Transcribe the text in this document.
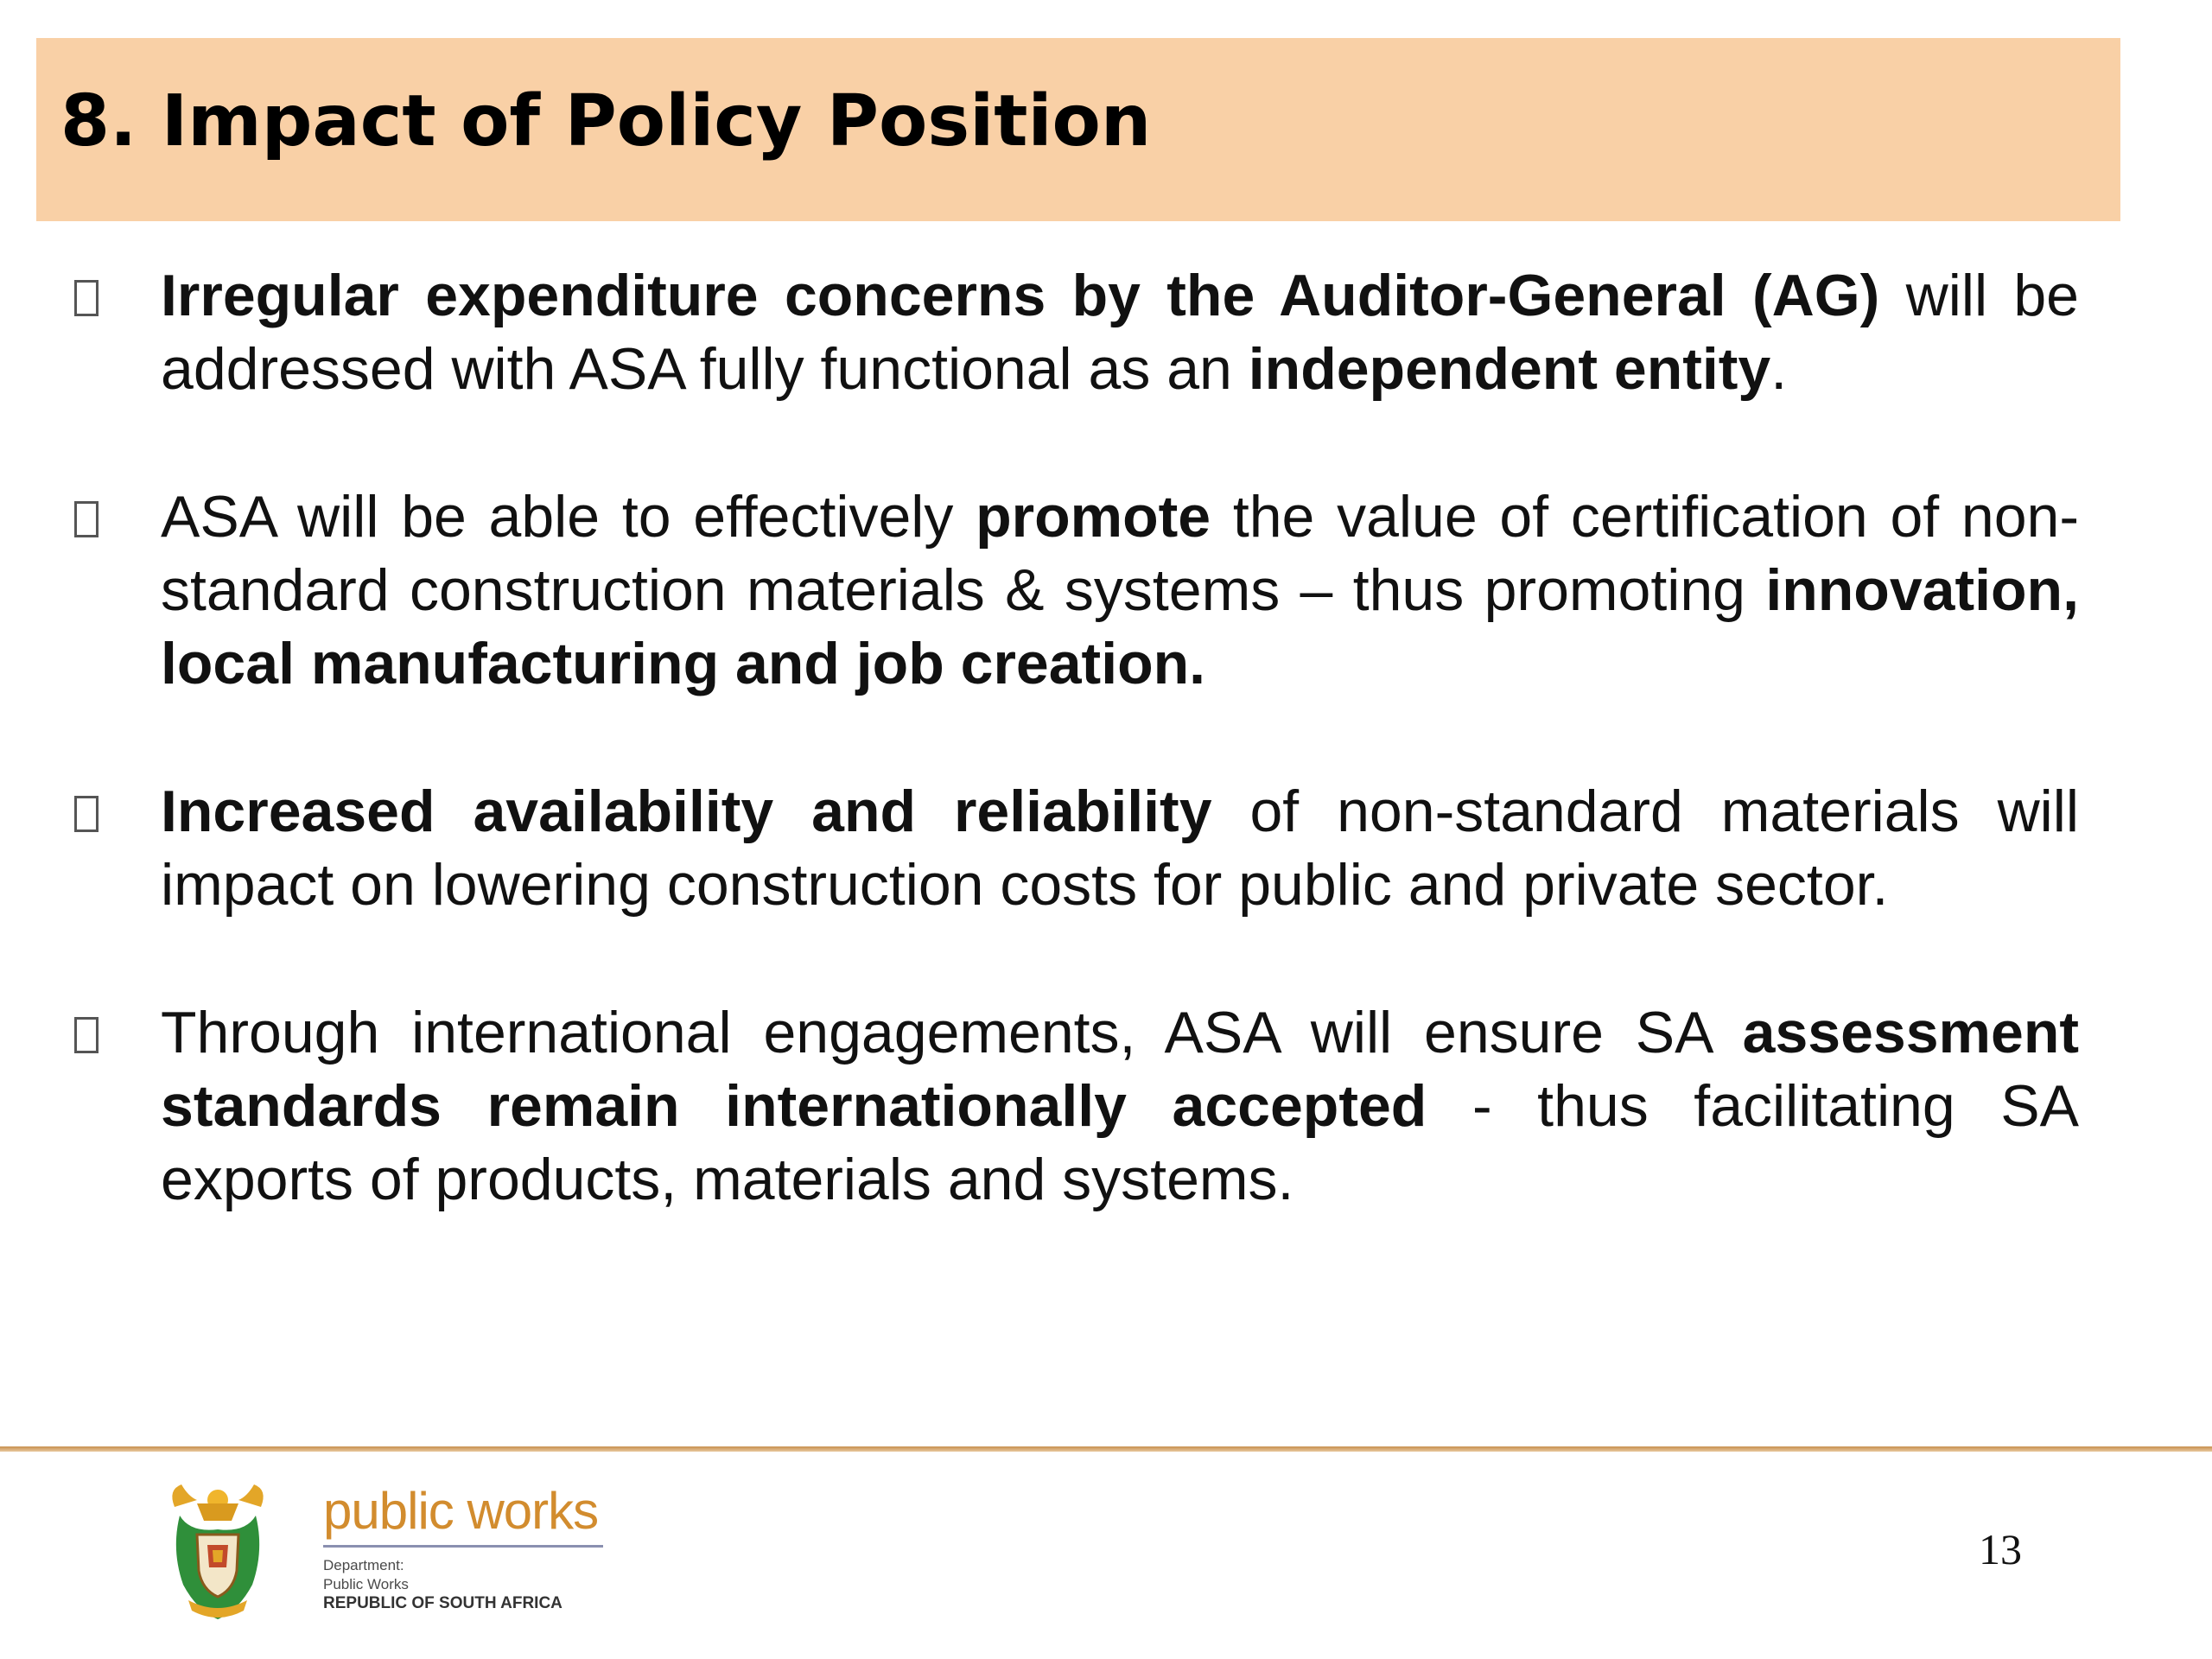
8. Impact of Policy Position
Irregular expenditure concerns by the Auditor-General (AG) will be addressed with ASA fully functional as an independent entity.
ASA will be able to effectively promote the value of certification of non-standard construction materials & systems – thus promoting innovation, local manufacturing and job creation.
Increased availability and reliability of non-standard materials will impact on lowering construction costs for public and private sector.
Through international engagements, ASA will ensure SA assessment standards remain internationally accepted - thus facilitating SA exports of products, materials and systems.
public works
Department:
Public Works
REPUBLIC OF SOUTH AFRICA
13
